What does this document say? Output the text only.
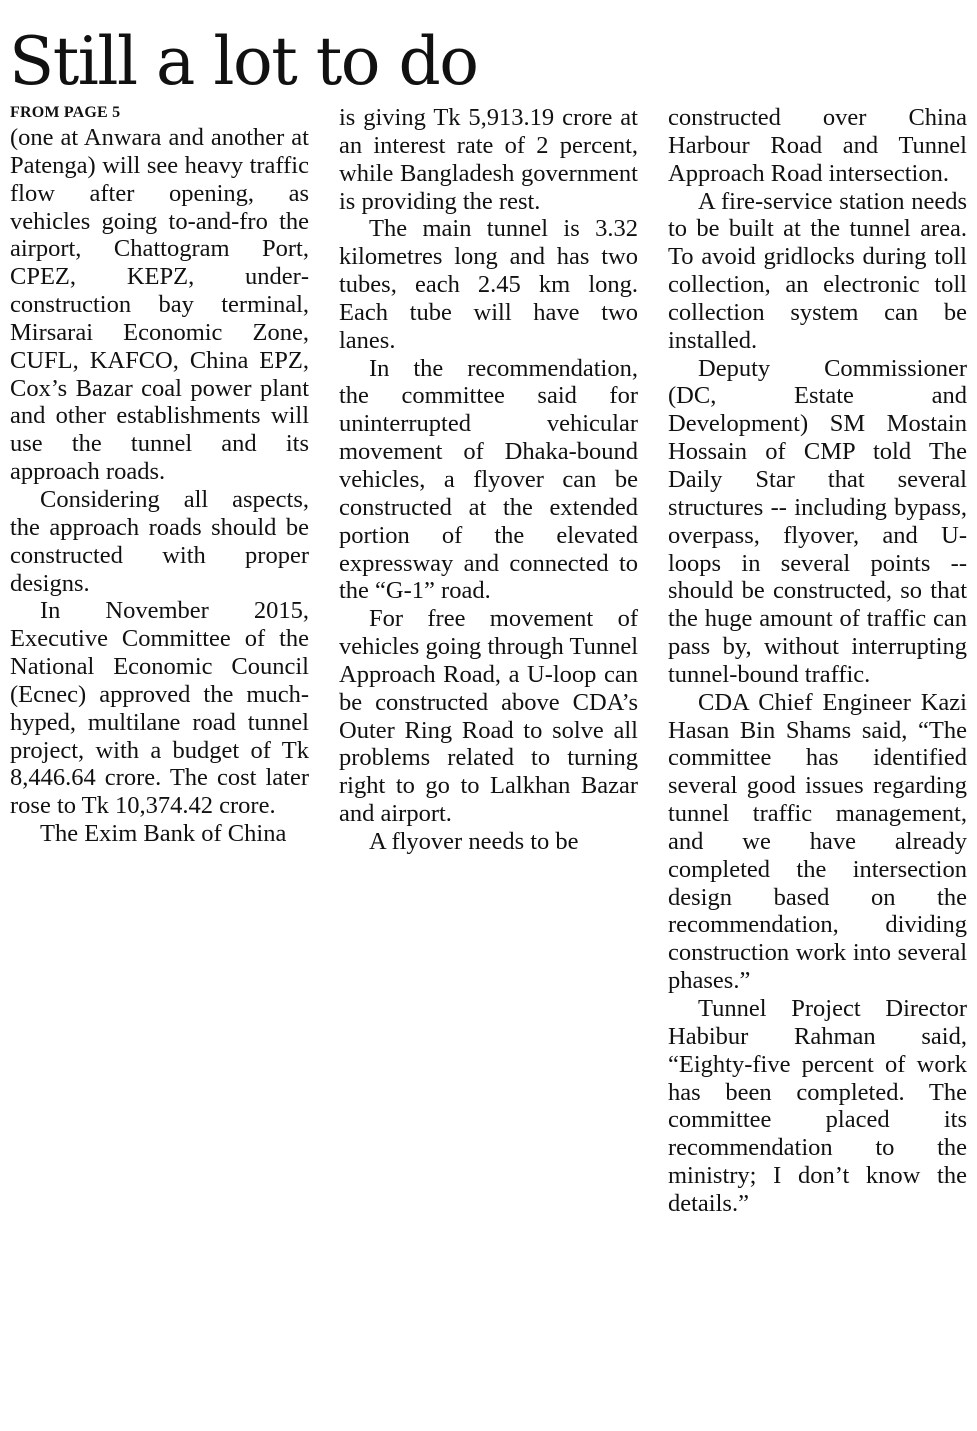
Still a lot to do
FROM PAGE 5

(one at Anwara and another at Patenga) will see heavy traffic flow after opening, as vehicles going to-and-fro the airport, Chattogram Port, CPEZ, KEPZ, underconstruction bay terminal, Mirsarai Economic Zone, CUFL, KAFCO, China EPZ, Cox’s Bazar coal power plant and other establishments will use the tunnel and its approach roads.

Considering all aspects, the approach roads should be constructed with proper designs.

In November 2015, Executive Committee of the National Economic Council (Ecnec) approved the much-hyped, multilane road tunnel project, with a budget of Tk 8,446.64 crore. The cost later rose to Tk 10,374.42 crore.

The Exim Bank of China

is giving Tk 5,913.19 crore at an interest rate of 2 percent, while Bangladesh government is providing the rest.

The main tunnel is 3.32 kilometres long and has two tubes, each 2.45 km long. Each tube will have two lanes.

In the recommendation, the committee said for uninterrupted vehicular movement of Dhaka-bound vehicles, a flyover can be constructed at the extended portion of the elevated expressway and connected to the “G-1” road.

For free movement of vehicles going through Tunnel Approach Road, a U-loop can be constructed above CDA’s Outer Ring Road to solve all problems related to turning right to go to Lalkhan Bazar and airport.

A flyover needs to be

constructed over China Harbour Road and Tunnel Approach Road intersection.

A fire-service station needs to be built at the tunnel area. To avoid gridlocks during toll collection, an electronic toll collection system can be installed.

Deputy Commissioner (DC, Estate and Development) SM Mostain Hossain of CMP told The Daily Star that several structures -- including bypass, overpass, flyover, and U-loops in several points -- should be constructed, so that the huge amount of traffic can pass by, without interrupting tunnel-bound traffic.

CDA Chief Engineer Kazi Hasan Bin Shams said, “The committee has identified several good issues regarding tunnel traffic management, and we have already completed the intersection design based on the recommendation, dividing construction work into several phases.”

Tunnel Project Director Habibur Rahman said, “Eighty-five percent of work has been completed. The committee placed its recommendation to the ministry; I don’t know the details.”
